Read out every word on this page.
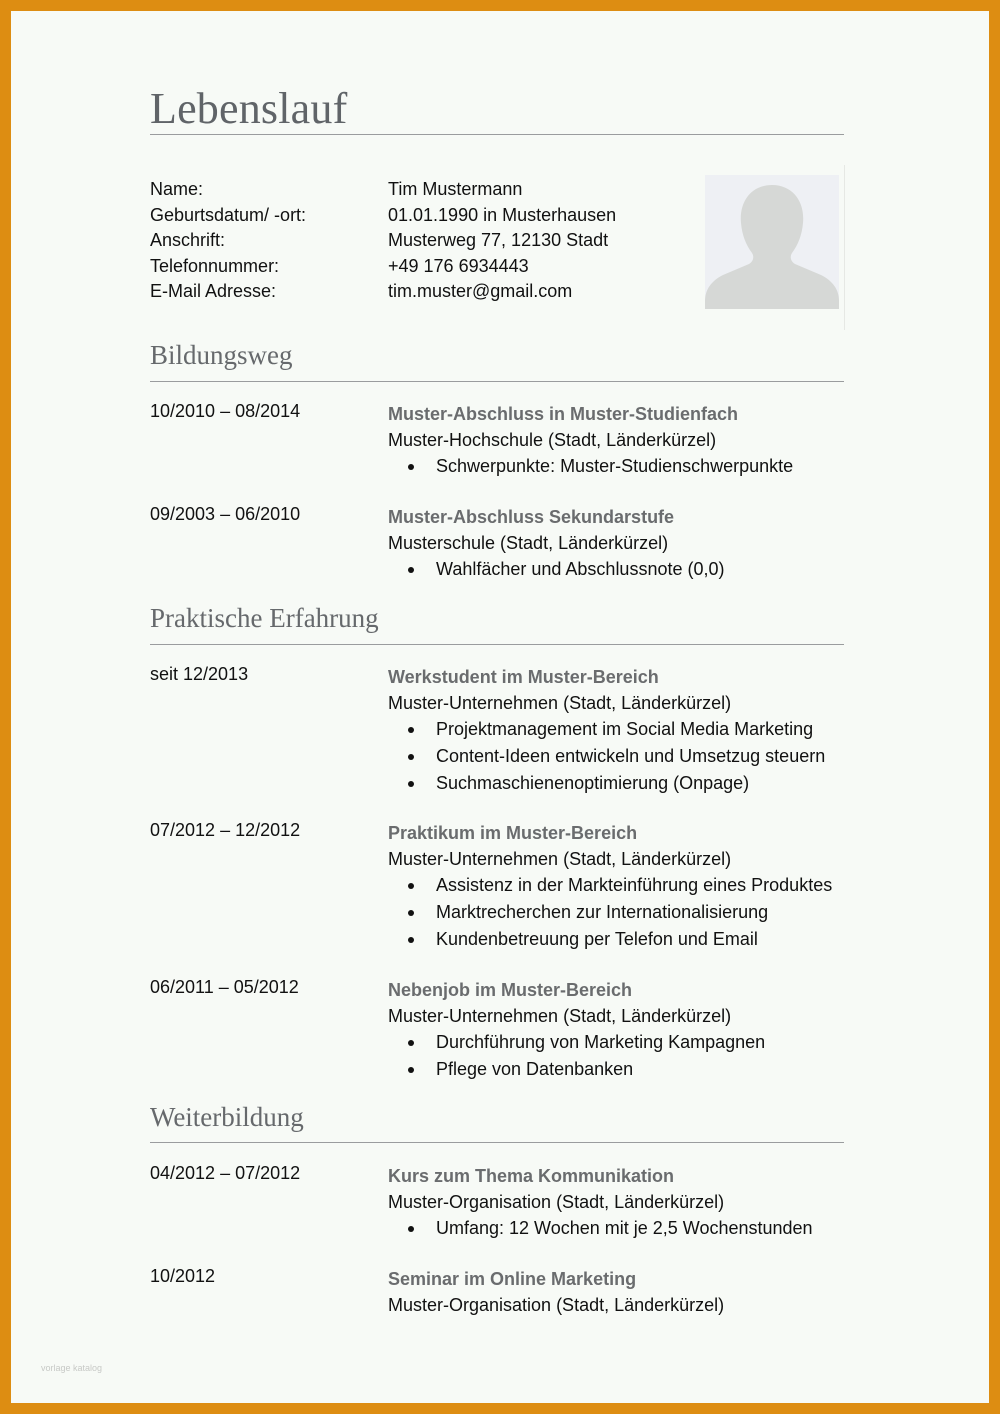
Lebenslauf
Name:	Tim Mustermann
Geburtsdatum/ -ort:	01.01.1990 in Musterhausen
Anschrift:	Musterweg 77, 12130 Stadt
Telefonnummer:	+49 176 6934443
E-Mail Adresse:	tim.muster@gmail.com
Bildungsweg
10/2010 – 08/2014	Muster-Abschluss in Muster-Studienfach
Muster-Hochschule (Stadt, Länderkürzel)
Schwerpunkte: Muster-Studienschwerpunkte
09/2003 – 06/2010	Muster-Abschluss Sekundarstufe
Musterschule (Stadt, Länderkürzel)
Wahlfächer und Abschlussnote (0,0)
Praktische Erfahrung
seit 12/2013	Werkstudent im Muster-Bereich
Muster-Unternehmen (Stadt, Länderkürzel)
Projektmanagement im Social Media Marketing
Content-Ideen entwickeln und Umsetzug steuern
Suchmaschienenoptimierung (Onpage)
07/2012 – 12/2012	Praktikum im Muster-Bereich
Muster-Unternehmen (Stadt, Länderkürzel)
Assistenz in der Markteinführung eines Produktes
Marktrecherchen zur Internationalisierung
Kundenbetreuung per Telefon und Email
06/2011 – 05/2012	Nebenjob im Muster-Bereich
Muster-Unternehmen (Stadt, Länderkürzel)
Durchführung von Marketing Kampagnen
Pflege von Datenbanken
Weiterbildung
04/2012 – 07/2012	Kurs zum Thema Kommunikation
Muster-Organisation (Stadt, Länderkürzel)
Umfang: 12 Wochen mit je 2,5 Wochenstunden
10/2012	Seminar im Online Marketing
Muster-Organisation (Stadt, Länderkürzel)
vorlage katalog
